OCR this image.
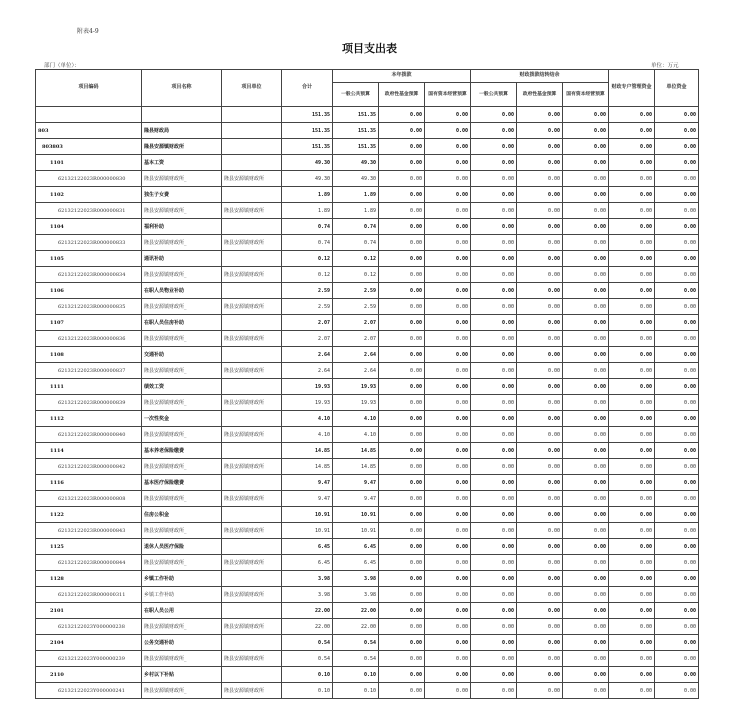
附表4-9
项目支出表
部门（单位）：	单位：万元
项目编码	项目名称	项目单位	合计	本年拨款			财政拨款结转结余			财政专户管理资金	单位资金
				一般公共预算	政府性基金预算	国有资本经营预算	一般公共预算	政府性基金预算	国有资本经营预算		
			151.35	151.35	0.00	0.00	0.00	0.00	0.00	0.00	0.00
803	隆县财政局		151.35	151.35	0.00	0.00	0.00	0.00	0.00	0.00	0.00
803803	隆县安源镇财政所		151.35	151.35	0.00	0.00	0.00	0.00	0.00	0.00	0.00
1101	基本工资		49.30	49.30	0.00	0.00	0.00	0.00	0.00	0.00	0.00
62132122023R000000830	隆县安源镇财政所_	隆县安源镇财政所	49.30	49.30	0.00	0.00	0.00	0.00	0.00	0.00	0.00
1102	独生子女费		1.89	1.89	0.00	0.00	0.00	0.00	0.00	0.00	0.00
62132122023R000000831	隆县安源镇财政所_	隆县安源镇财政所	1.89	1.89	0.00	0.00	0.00	0.00	0.00	0.00	0.00
1104	福利补助		0.74	0.74	0.00	0.00	0.00	0.00	0.00	0.00	0.00
62132122023R000000833	隆县安源镇财政所_	隆县安源镇财政所	0.74	0.74	0.00	0.00	0.00	0.00	0.00	0.00	0.00
1105	通讯补助		0.12	0.12	0.00	0.00	0.00	0.00	0.00	0.00	0.00
62132122023R000000834	隆县安源镇财政所_	隆县安源镇财政所	0.12	0.12	0.00	0.00	0.00	0.00	0.00	0.00	0.00
1106	在职人员物业补助		2.59	2.59	0.00	0.00	0.00	0.00	0.00	0.00	0.00
62132122023R000000835	隆县安源镇财政所_	隆县安源镇财政所	2.59	2.59	0.00	0.00	0.00	0.00	0.00	0.00	0.00
1107	在职人员住房补助		2.07	2.07	0.00	0.00	0.00	0.00	0.00	0.00	0.00
62132122023R000000836	隆县安源镇财政所_	隆县安源镇财政所	2.07	2.07	0.00	0.00	0.00	0.00	0.00	0.00	0.00
1108	交通补助		2.64	2.64	0.00	0.00	0.00	0.00	0.00	0.00	0.00
62132122023R000000837	隆县安源镇财政所_	隆县安源镇财政所	2.64	2.64	0.00	0.00	0.00	0.00	0.00	0.00	0.00
1111	绩效工资		19.93	19.93	0.00	0.00	0.00	0.00	0.00	0.00	0.00
62132122023R000000839	隆县安源镇财政所_	隆县安源镇财政所	19.93	19.93	0.00	0.00	0.00	0.00	0.00	0.00	0.00
1112	一次性奖金		4.10	4.10	0.00	0.00	0.00	0.00	0.00	0.00	0.00
62132122023R000000840	隆县安源镇财政所_	隆县安源镇财政所	4.10	4.10	0.00	0.00	0.00	0.00	0.00	0.00	0.00
1114	基本养老保险缴费		14.85	14.85	0.00	0.00	0.00	0.00	0.00	0.00	0.00
62132122023R000000842	隆县安源镇财政所_	隆县安源镇财政所	14.85	14.85	0.00	0.00	0.00	0.00	0.00	0.00	0.00
1116	基本医疗保险缴费		9.47	9.47	0.00	0.00	0.00	0.00	0.00	0.00	0.00
62132122023R000000808	隆县安源镇财政所_	隆县安源镇财政所	9.47	9.47	0.00	0.00	0.00	0.00	0.00	0.00	0.00
1122	住房公积金		10.91	10.91	0.00	0.00	0.00	0.00	0.00	0.00	0.00
62132122023R000000843	隆县安源镇财政所_	隆县安源镇财政所	10.91	10.91	0.00	0.00	0.00	0.00	0.00	0.00	0.00
1125	退休人员医疗保险		6.45	6.45	0.00	0.00	0.00	0.00	0.00	0.00	0.00
62132122023R000000844	隆县安源镇财政所_	隆县安源镇财政所	6.45	6.45	0.00	0.00	0.00	0.00	0.00	0.00	0.00
1128	乡镇工作补助		3.98	3.98	0.00	0.00	0.00	0.00	0.00	0.00	0.00
62132122023R000000311	乡镇工作补助	隆县安源镇财政所	3.98	3.98	0.00	0.00	0.00	0.00	0.00	0.00	0.00
2101	在职人员公用		22.00	22.00	0.00	0.00	0.00	0.00	0.00	0.00	0.00
62132122023Y000000238	隆县安源镇财政所_	隆县安源镇财政所	22.00	22.00	0.00	0.00	0.00	0.00	0.00	0.00	0.00
2104	公务交通补助		0.54	0.54	0.00	0.00	0.00	0.00	0.00	0.00	0.00
62132122023Y000000239	隆县安源镇财政所_	隆县安源镇财政所	0.54	0.54	0.00	0.00	0.00	0.00	0.00	0.00	0.00
2110	乡村以下补贴		0.10	0.10	0.00	0.00	0.00	0.00	0.00	0.00	0.00
62132122023Y000000241	隆县安源镇财政所_	隆县安源镇财政所	0.10	0.10	0.00	0.00	0.00	0.00	0.00	0.00	0.00
